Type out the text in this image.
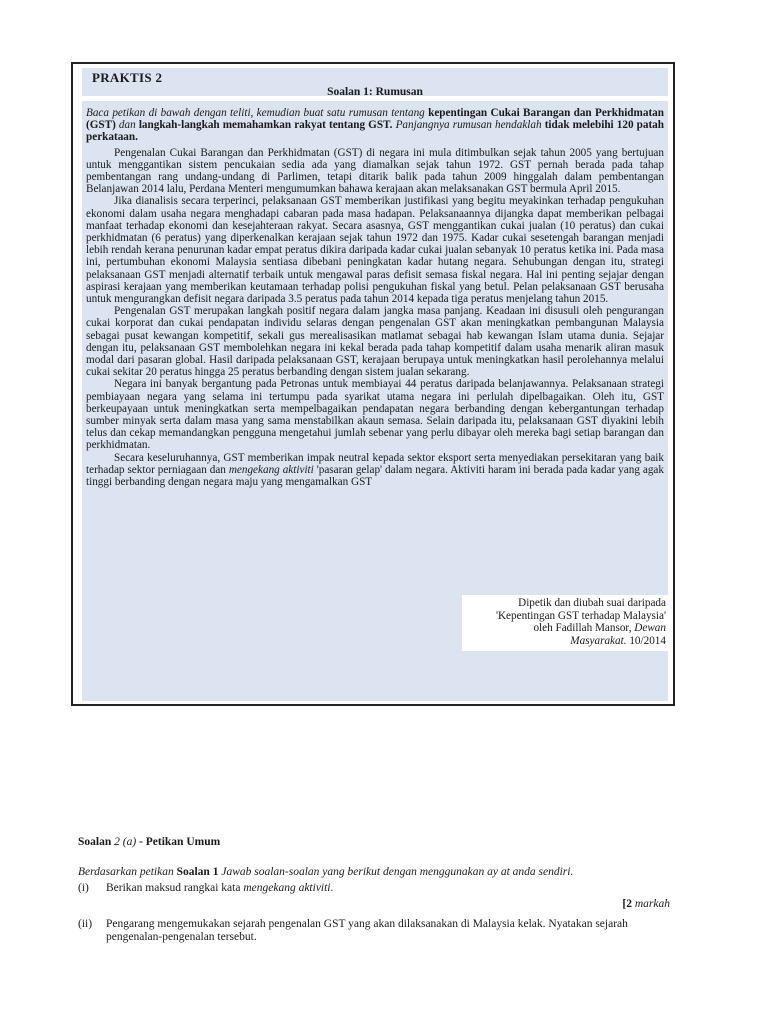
PRAKTIS 2
Soalan 1: Rumusan

Baca petikan di bawah dengan teliti, kemudian buat satu rumusan tentang kepentingan Cukai Barangan dan Perkhidmatan (GST) dan langkah-langkah memahamkan rakyat tentang GST. Panjangnya rumusan hendaklah tidak melebihi 120 patah perkataan.

Pengenalan Cukai Barangan dan Perkhidmatan (GST) di negara ini mula ditimbulkan sejak tahun 2005 yang bertujuan untuk menggantikan sistem pencukaian sedia ada yang diamalkan sejak tahun 1972. GST pernah berada pada tahap pembentangan rang undang-undang di Parlimen, tetapi ditarik balik pada tahun 2009 hinggalah dalam pembentangan Belanjawan 2014 lalu, Perdana Menteri mengumumkan bahawa kerajaan akan melaksanakan GST bermula April 2015.

Jika dianalisis secara terperinci, pelaksanaan GST memberikan justifikasi yang begitu meyakinkan terhadap pengukuhan ekonomi dalam usaha negara menghadapi cabaran pada masa hadapan. Pelaksanaannya dijangka dapat memberikan pelbagai manfaat terhadap ekonomi dan kesejahteraan rakyat. Secara asasnya, GST menggantikan cukai jualan (10 peratus) dan cukai perkhidmatan (6 peratus) yang diperkenalkan kerajaan sejak tahun 1972 dan 1975. Kadar cukai sesetengah barangan menjadi lebih rendah kerana penurunan kadar empat peratus dikira daripada kadar cukai jualan sebanyak 10 peratus ketika ini. Pada masa ini, pertumbuhan ekonomi Malaysia sentiasa dibebani peningkatan kadar hutang negara. Sehubungan dengan itu, strategi pelaksanaan GST menjadi alternatif terbaik untuk mengawal paras defisit semasa fiskal negara. Hal ini penting sejajar dengan aspirasi kerajaan yang memberikan keutamaan terhadap polisi pengukuhan fiskal yang betul. Pelan pelaksanaan GST berusaha untuk mengurangkan defisit negara daripada 3.5 peratus pada tahun 2014 kepada tiga peratus menjelang tahun 2015.

Pengenalan GST merupakan langkah positif negara dalam jangka masa panjang. Keadaan ini disusuli oleh pengurangan cukai korporat dan cukai pendapatan individu selaras dengan pengenalan GST akan meningkatkan pembangunan Malaysia sebagai pusat kewangan kompetitif, sekali gus merealisasikan matlamat sebagai hab kewangan Islam utama dunia. Sejajar dengan itu, pelaksanaan GST membolehkan negara ini kekal berada pada tahap kompetitif dalam usaha menarik aliran masuk modal dari pasaran global. Hasil daripada pelaksanaan GST, kerajaan berupaya untuk meningkatkan hasil perolehannya melalui cukai sekitar 20 peratus hingga 25 peratus berbanding dengan sistem jualan sekarang.

Negara ini banyak bergantung pada Petronas untuk membiayai 44 peratus daripada belanjawannya. Pelaksanaan strategi pembiayaan negara yang selama ini tertumpu pada syarikat utama negara ini perlulah dipelbagaikan. Oleh itu, GST berkeupayaan untuk meningkatkan serta mempelbagaikan pendapatan negara berbanding dengan kebergantungan terhadap sumber minyak serta dalam masa yang sama menstabilkan akaun semasa. Selain daripada itu, pelaksanaan GST diyakini lebih telus dan cekap memandangkan pengguna mengetahui jumlah sebenar yang perlu dibayar oleh mereka bagi setiap barangan dan perkhidmatan.

Secara keseluruhannya, GST memberikan impak neutral kepada sektor eksport serta menyediakan persekitaran yang baik terhadap sektor perniagaan dan mengekang aktiviti 'pasaran gelap' dalam negara. Aktiviti haram ini berada pada kadar yang agak tinggi berbanding dengan negara maju yang mengamalkan GST

Dipetik dan diubah suai daripada
'Kepentingan GST terhadap Malaysia'
oleh Fadillah Mansor, Dewan
Masyarakat. 10/2014
Soalan 2 (a) - Petikan Umum
Berdasarkan petikan Soalan 1 Jawab soalan-soalan yang berikut dengan menggunakan ay at anda sendiri.
(i)	Berikan maksud rangkai kata mengekang aktiviti.
[2 markah
(ii)	Pengarang mengemukakan sejarah pengenalan GST yang akan dilaksanakan di Malaysia kelak. Nyatakan sejarah pengenalan-pengenalan tersebut.
